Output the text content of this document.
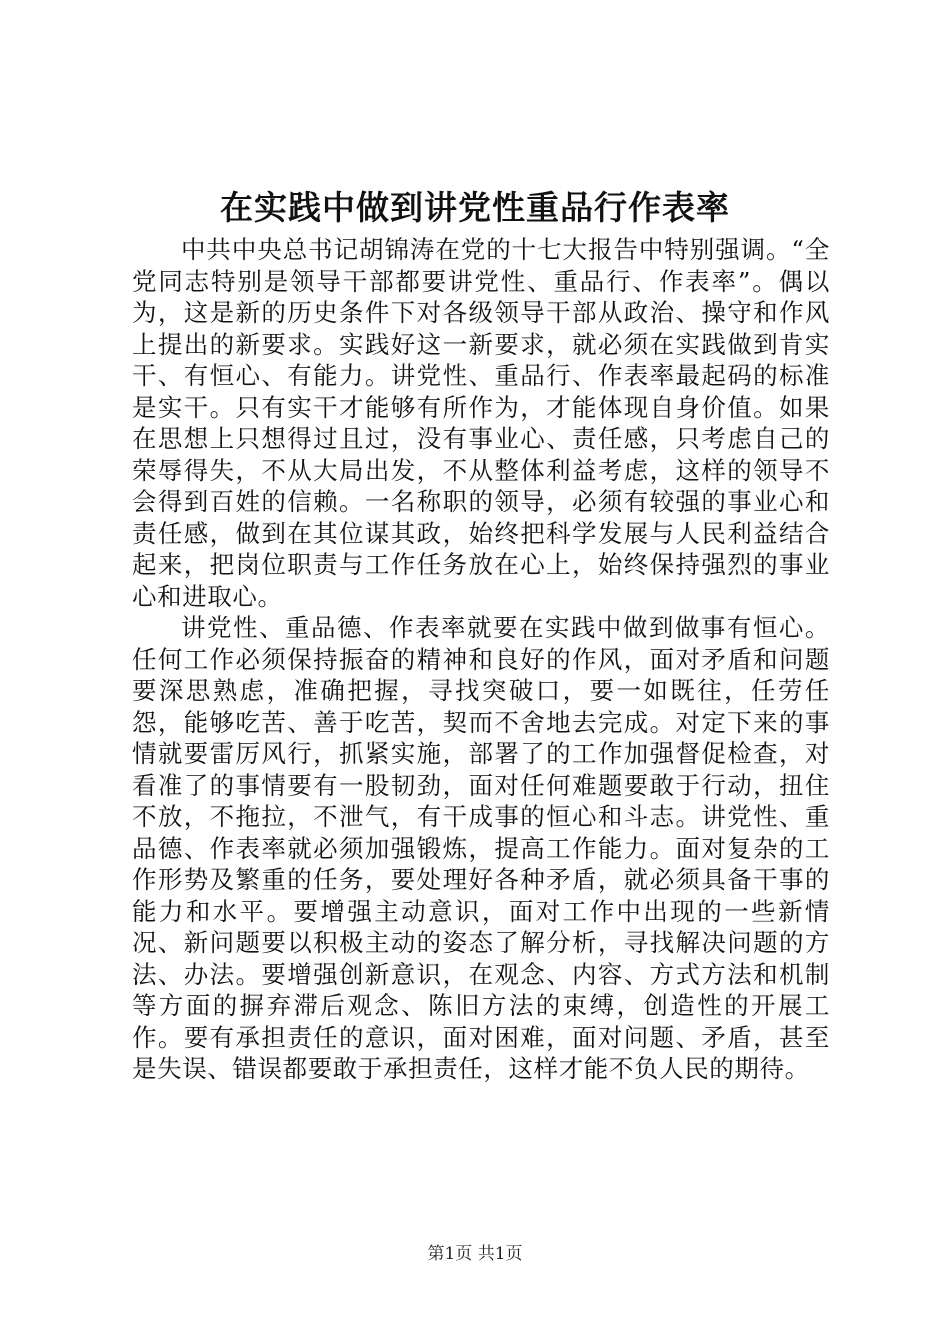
在实践中做到讲党性重品行作表率

中共中央总书记胡锦涛在党的十七大报告中特别强调。“全党同志特别是领导干部都要讲党性、重品行、作表率”。偶以为，这是新的历史条件下对各级领导干部从政治、操守和作风上提出的新要求。实践好这一新要求，就必须在实践做到肯实干、有恒心、有能力。讲党性、重品行、作表率最起码的标准是实干。只有实干才能够有所作为，才能体现自身价值。如果在思想上只想得过且过，没有事业心、责任感，只考虑自己的荣辱得失，不从大局出发，不从整体利益考虑，这样的领导不会得到百姓的信赖。一名称职的领导，必须有较强的事业心和责任感，做到在其位谋其政，始终把科学发展与人民利益结合起来，把岗位职责与工作任务放在心上，始终保持强烈的事业心和进取心。

讲党性、重品德、作表率就要在实践中做到做事有恒心。任何工作必须保持振奋的精神和良好的作风，面对矛盾和问题要深思熟虑，准确把握，寻找突破口，要一如既往，任劳任怨，能够吃苦、善于吃苦，契而不舍地去完成。对定下来的事情就要雷厉风行，抓紧实施，部署了的工作加强督促检查，对看准了的事情要有一股韧劲，面对任何难题要敢于行动，扭住不放，不拖拉，不泄气，有干成事的恒心和斗志。讲党性、重品德、作表率就必须加强锻炼，提高工作能力。面对复杂的工作形势及繁重的任务，要处理好各种矛盾，就必须具备干事的能力和水平。要增强主动意识，面对工作中出现的一些新情况、新问题要以积极主动的姿态了解分析，寻找解决问题的方法、办法。要增强创新意识，在观念、内容、方式方法和机制等方面的摒弃滞后观念、陈旧方法的束缚，创造性的开展工作。要有承担责任的意识，面对困难，面对问题、矛盾，甚至是失误、错误都要敢于承担责任，这样才能不负人民的期待。

第1页 共1页
